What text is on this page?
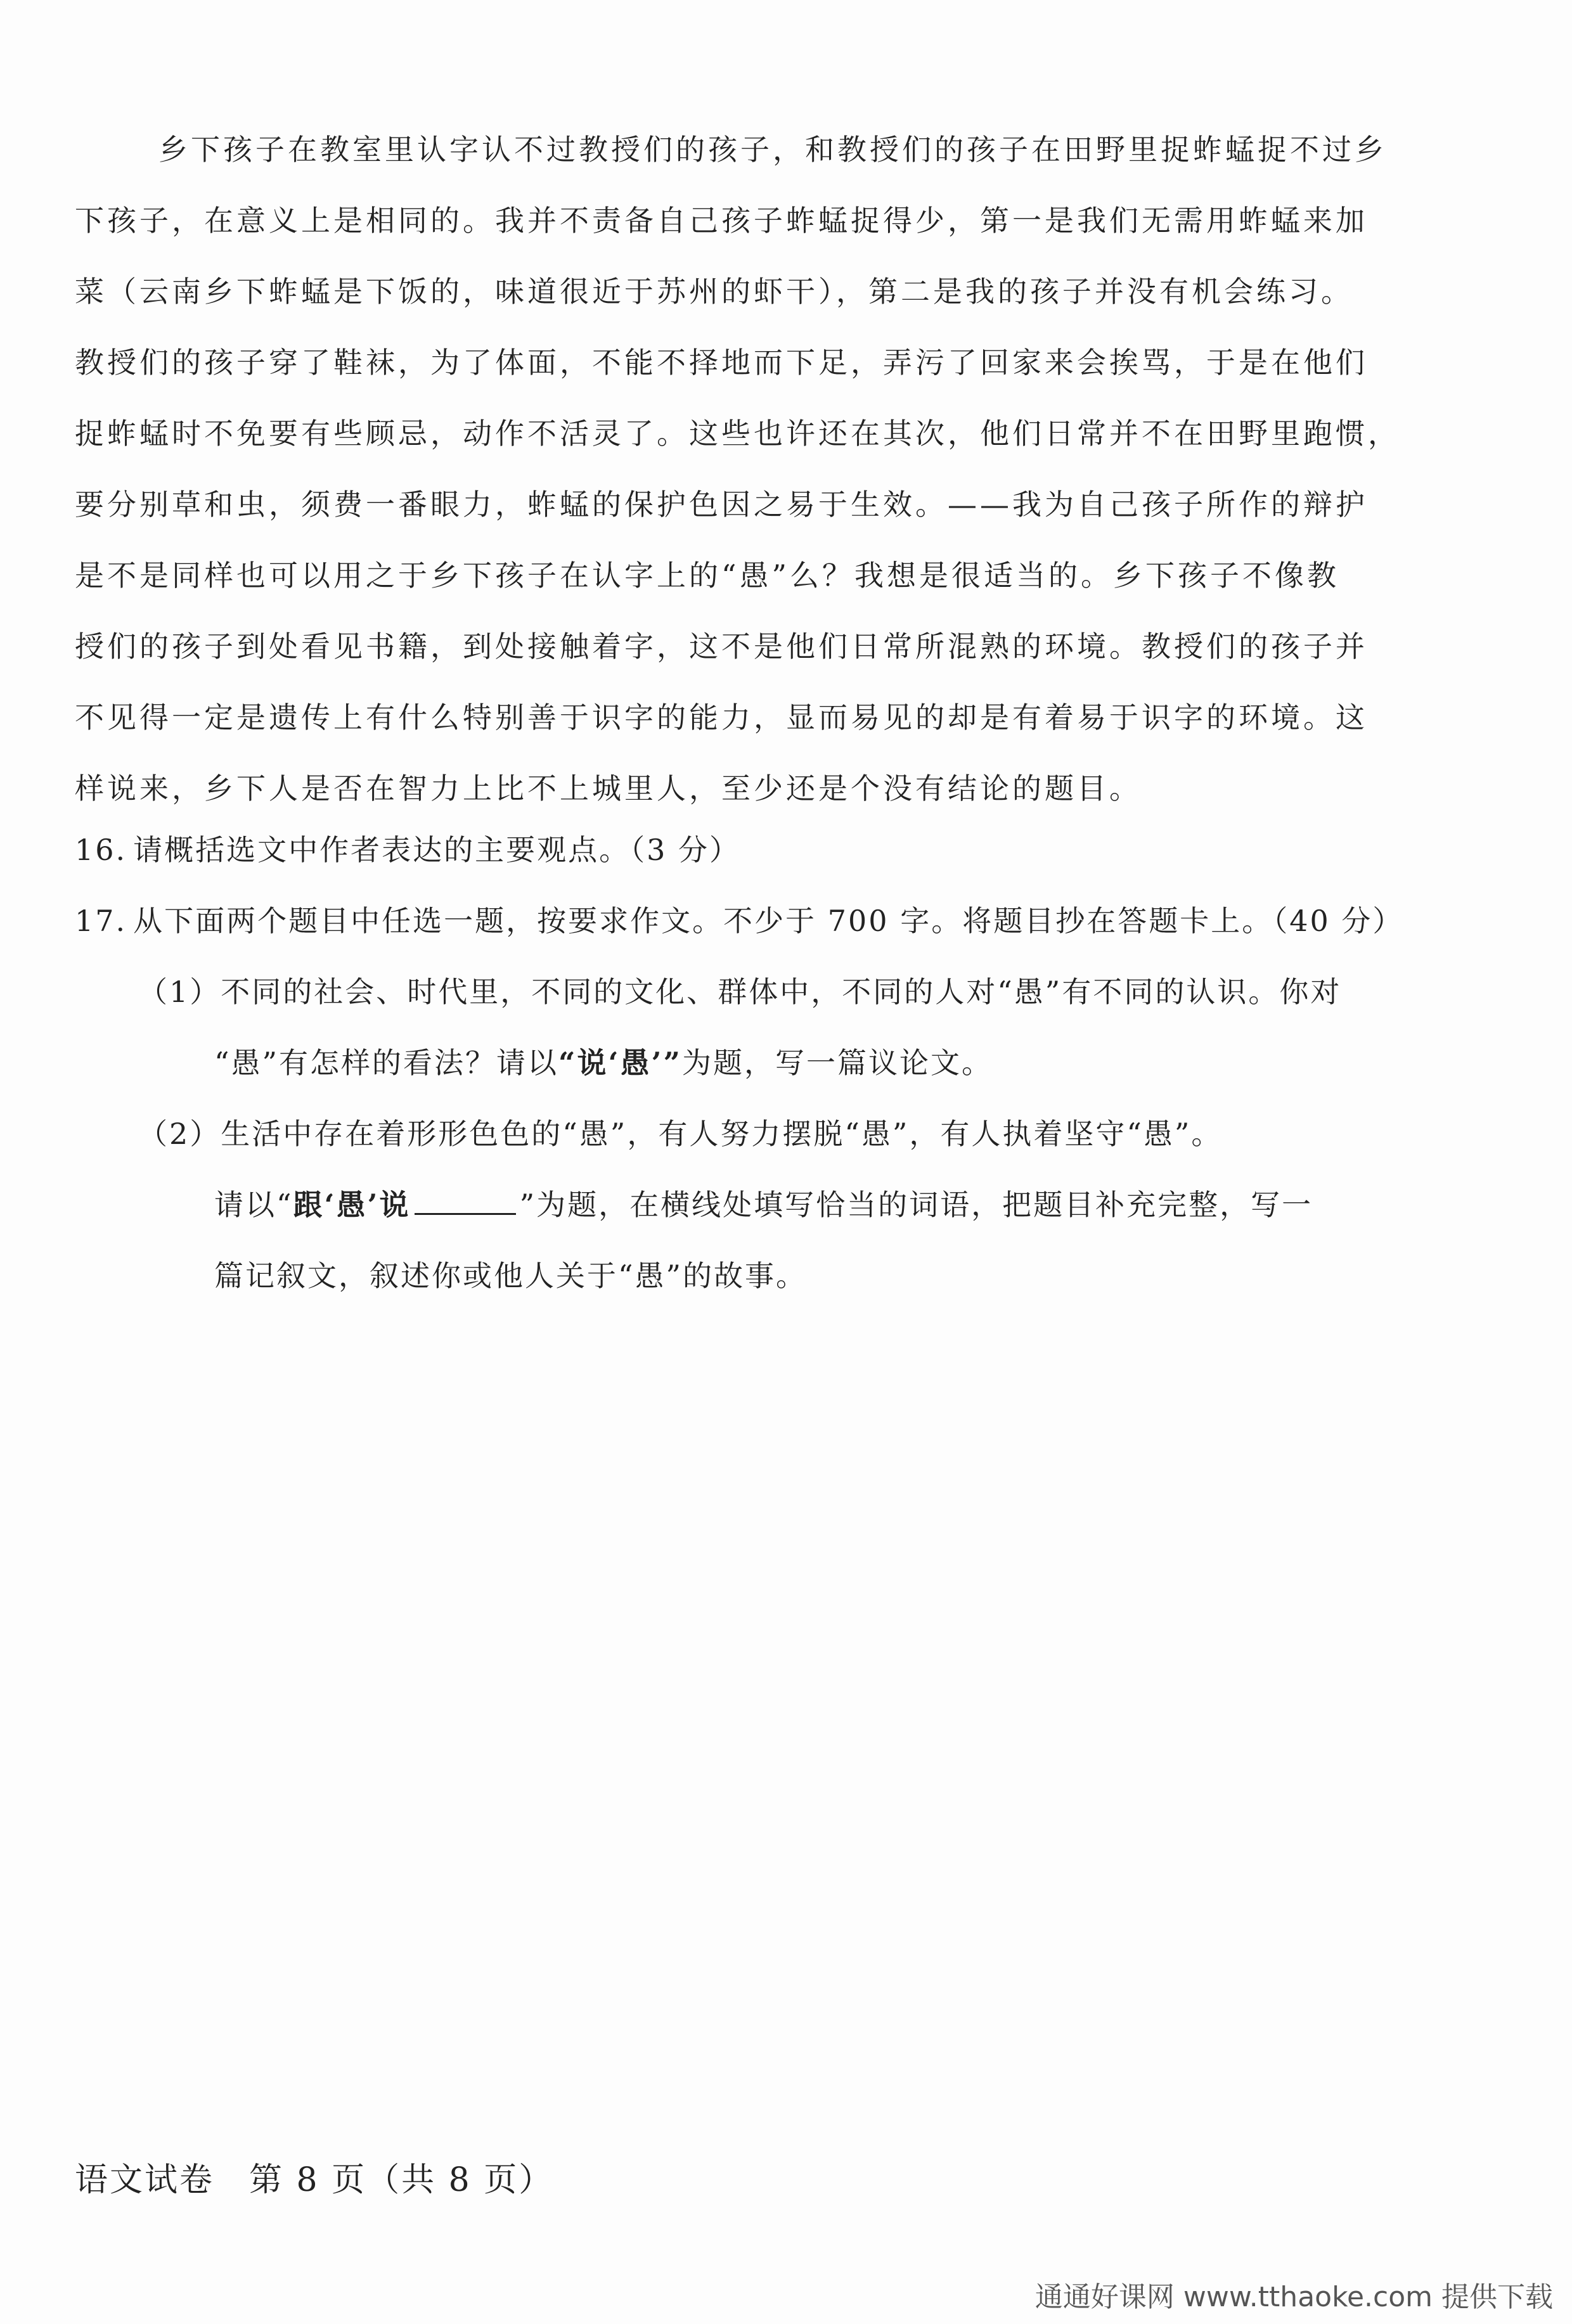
乡下孩子在教室里认字认不过教授们的孩子，和教授们的孩子在田野里捉蚱蜢捉不过乡
下孩子，在意义上是相同的。我并不责备自己孩子蚱蜢捉得少，第一是我们无需用蚱蜢来加
菜（云南乡下蚱蜢是下饭的，味道很近于苏州的虾干），第二是我的孩子并没有机会练习。
教授们的孩子穿了鞋袜，为了体面，不能不择地而下足，弄污了回家来会挨骂，于是在他们
捉蚱蜢时不免要有些顾忌，动作不活灵了。这些也许还在其次，他们日常并不在田野里跑惯，
要分别草和虫，须费一番眼力，蚱蜢的保护色因之易于生效。——我为自己孩子所作的辩护
是不是同样也可以用之于乡下孩子在认字上的“愚”么？我想是很适当的。乡下孩子不像教
授们的孩子到处看见书籍，到处接触着字，这不是他们日常所混熟的环境。教授们的孩子并
不见得一定是遗传上有什么特别善于识字的能力，显而易见的却是有着易于识字的环境。这
样说来，乡下人是否在智力上比不上城里人，至少还是个没有结论的题目。
16. 请概括选文中作者表达的主要观点。（3 分）
17. 从下面两个题目中任选一题，按要求作文。不少于 700 字。将题目抄在答题卡上。（40 分）
（1）不同的社会、时代里，不同的文化、群体中，不同的人对“愚”有不同的认识。你对
“愚”有怎样的看法？请以“说‘愚’”为题，写一篇议论文。
（2）生活中存在着形形色色的“愚”，有人努力摆脱“愚”，有人执着坚守“愚”。
请以“跟‘愚’说	”为题，在横线处填写恰当的词语，把题目补充完整，写一
篇记叙文，叙述你或他人关于“愚”的故事。
语文试卷　第 8 页（共 8 页）
通通好课网 www.tthaoke.com 提供下载
